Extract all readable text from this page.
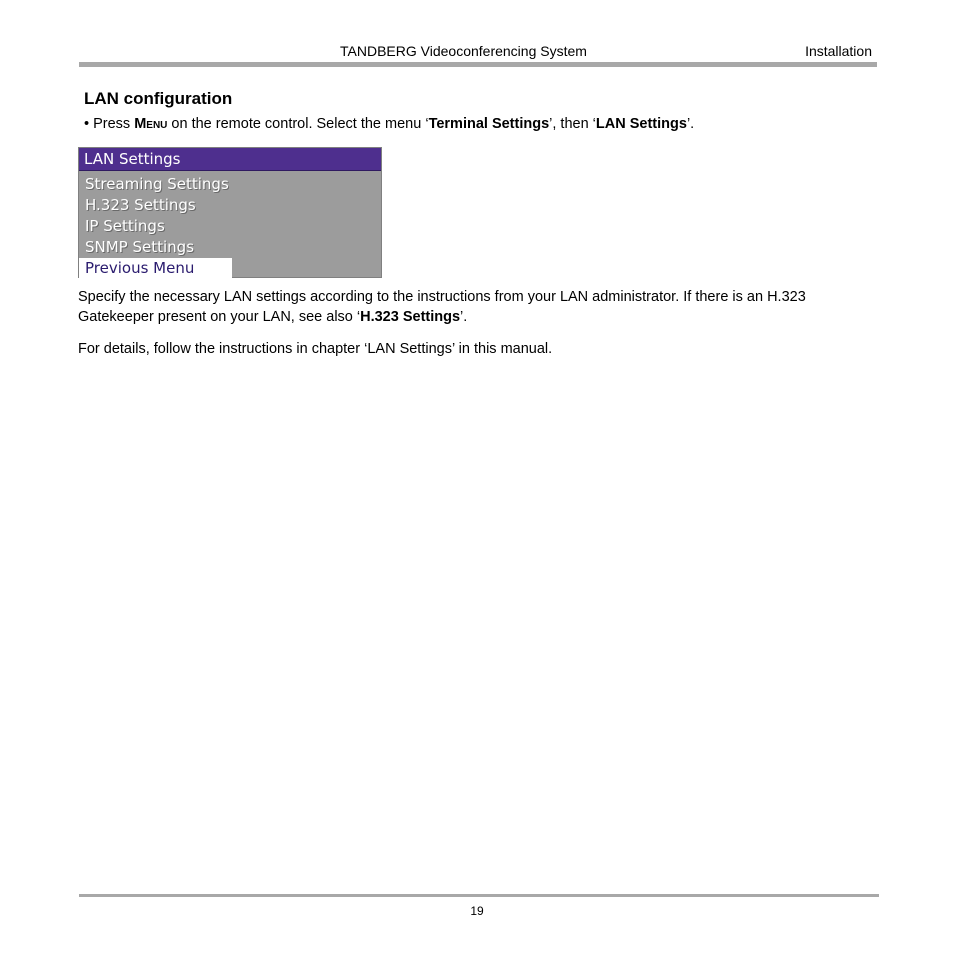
TANDBERG Videoconferencing System	Installation
LAN configuration
• Press Menu on the remote control. Select the menu ‘Terminal Settings’, then ‘LAN Settings’.
LAN Settings
Streaming Settings
H.323 Settings
IP Settings
SNMP Settings
Previous Menu
Specify the necessary LAN settings according to the instructions from your LAN administrator. If there is an H.323 Gatekeeper present on your LAN, see also ‘H.323 Settings’.
For details, follow the instructions in chapter ‘LAN Settings’ in this manual.
19
